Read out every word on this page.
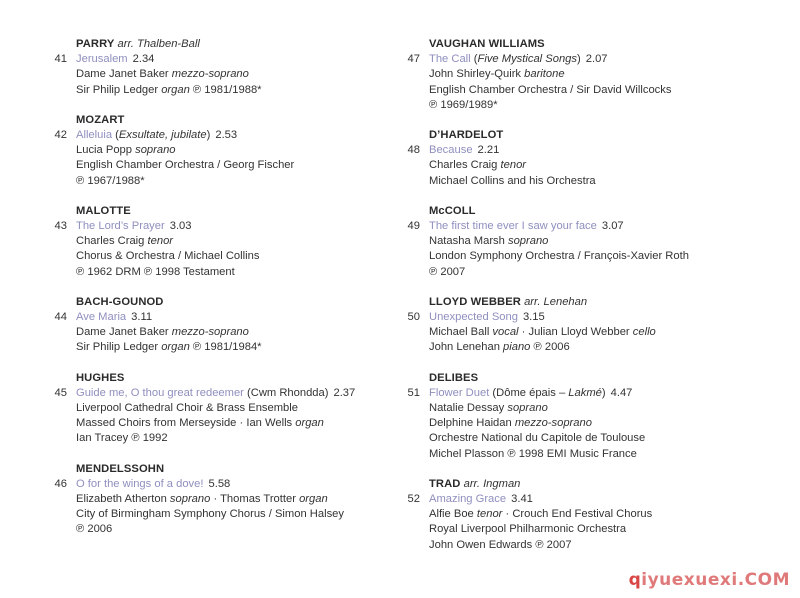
PARRY arr. Thalben-Ball
41 Jerusalem 2.34
Dame Janet Baker mezzo-soprano
Sir Philip Ledger organ ℗ 1981/1988*
MOZART
42 Alleluia (Exsultate, jubilate) 2.53
Lucia Popp soprano
English Chamber Orchestra / Georg Fischer
℗ 1967/1988*
MALOTTE
43 The Lord’s Prayer 3.03
Charles Craig tenor
Chorus & Orchestra / Michael Collins
℗ 1962 DRM ℗ 1998 Testament
BACH-GOUNOD
44 Ave Maria 3.11
Dame Janet Baker mezzo-soprano
Sir Philip Ledger organ ℗ 1981/1984*
HUGHES
45 Guide me, O thou great redeemer (Cwm Rhondda) 2.37
Liverpool Cathedral Choir & Brass Ensemble
Massed Choirs from Merseyside · Ian Wells organ
Ian Tracey ℗ 1992
MENDELSSOHN
46 O for the wings of a dove! 5.58
Elizabeth Atherton soprano · Thomas Trotter organ
City of Birmingham Symphony Chorus / Simon Halsey
℗ 2006
VAUGHAN WILLIAMS
47 The Call (Five Mystical Songs) 2.07
John Shirley-Quirk baritone
English Chamber Orchestra / Sir David Willcocks
℗ 1969/1989*
D’HARDELOT
48 Because 2.21
Charles Craig tenor
Michael Collins and his Orchestra
McCOLL
49 The first time ever I saw your face 3.07
Natasha Marsh soprano
London Symphony Orchestra / François-Xavier Roth
℗ 2007
LLOYD WEBBER arr. Lenehan
50 Unexpected Song 3.15
Michael Ball vocal · Julian Lloyd Webber cello
John Lenehan piano ℗ 2006
DELIBES
51 Flower Duet (Dôme épais – Lakmé) 4.47
Natalie Dessay soprano
Delphine Haidan mezzo-soprano
Orchestre National du Capitole de Toulouse
Michel Plasson ℗ 1998 EMI Music France
TRAD arr. Ingman
52 Amazing Grace 3.41
Alfie Boe tenor · Crouch End Festival Chorus
Royal Liverpool Philharmonic Orchestra
John Owen Edwards ℗ 2007
qiyuexuexi.COM
